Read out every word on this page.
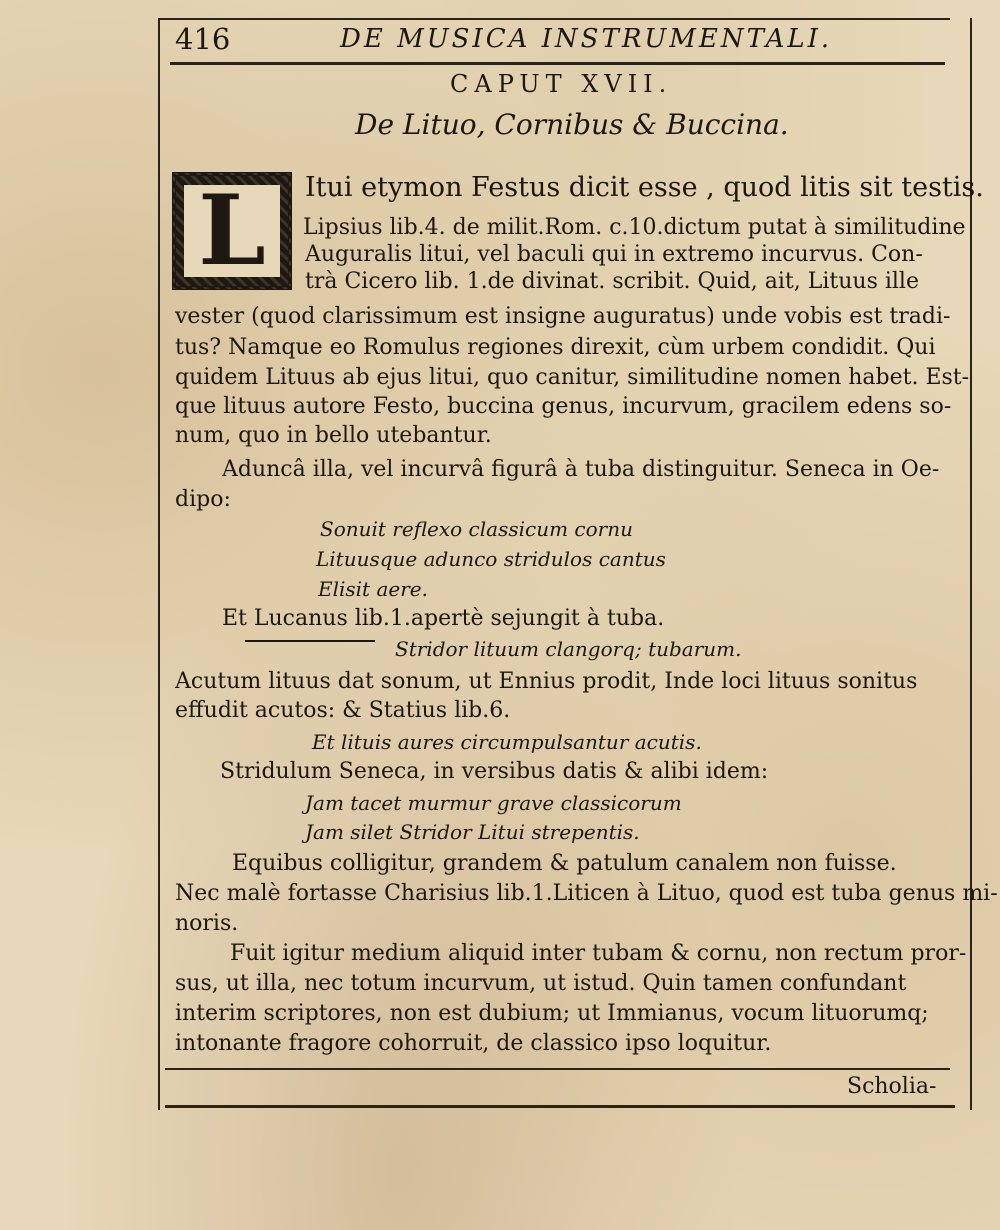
416	DE MUSICA INSTRUMENTALI.
CAPUT XVII.
De Lituo, Cornibus & Buccina.
L	Itui etymon Festus dicit esse , quod litis sit testis.
Lipsius lib.4. de milit.Rom. c.10.dictum putat à similitudine
Auguralis litui, vel baculi qui in extremo incurvus. Con-
trà Cicero lib. 1.de divinat. scribit. Quid, ait, Lituus ille
vester (quod clarissimum est insigne auguratus) unde vobis est tradi-
tus? Namque eo Romulus regiones direxit, cùm urbem condidit. Qui
quidem Lituus ab ejus litui, quo canitur, similitudine nomen habet. Est-
que lituus autore Festo, buccina genus, incurvum, gracilem edens so-
num, quo in bello utebantur.
Aduncâ illa, vel incurvâ figurâ à tuba distinguitur. Seneca in Oe-
dipo:
Sonuit reflexo classicum cornu
Lituusque adunco stridulos cantus
Elisit aere.
Et Lucanus lib.1.apertè sejungit à tuba.
Stridor lituum clangorq; tubarum.
Acutum lituus dat sonum, ut Ennius prodit, Inde loci lituus sonitus
effudit acutos: & Statius lib.6.
Et lituis aures circumpulsantur acutis.
Stridulum Seneca, in versibus datis & alibi idem:
Jam tacet murmur grave classicorum
Jam silet Stridor Litui strepentis.
Equibus colligitur, grandem & patulum canalem non fuisse.
Nec malè fortasse Charisius lib.1.Liticen à Lituo, quod est tuba genus mi-
noris.
Fuit igitur medium aliquid inter tubam & cornu, non rectum pror-
sus, ut illa, nec totum incurvum, ut istud. Quin tamen confundant
interim scriptores, non est dubium; ut Immianus, vocum lituorumq;
intonante fragore cohorruit, de classico ipso loquitur.
Scholia-
